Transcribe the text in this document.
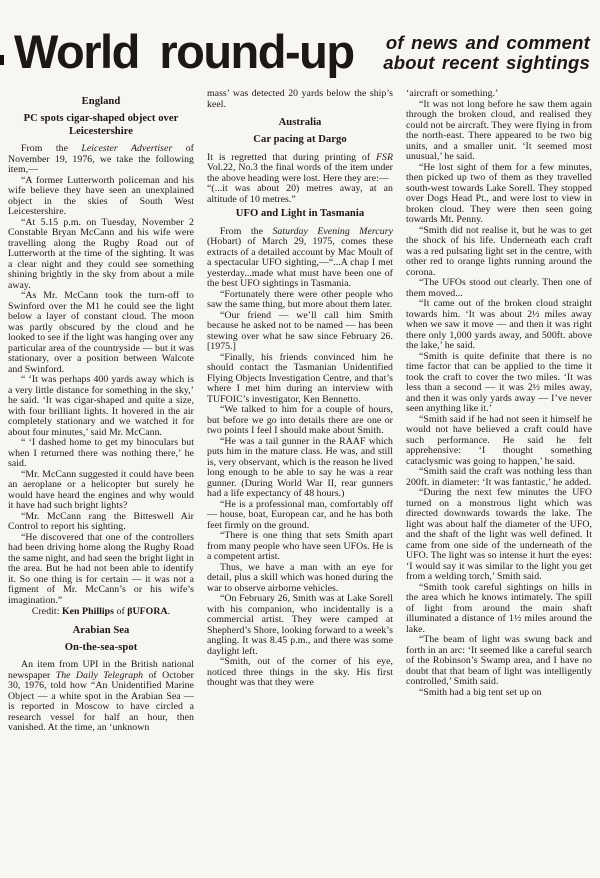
World round-up of news and comment
about recent sightings
England
PC spots cigar-shaped object over Leicestershire

From the Leicester Advertiser of November 19, 1976, we take the following item,—

“A former Lutterworth policeman and his wife believe they have seen an unexplained object in the skies of South West Leicestershire.

“At 5.15 p.m. on Tuesday, November 2 Constable Bryan McCann and his wife were travelling along the Rugby Road out of Lutterworth at the time of the sighting. It was a clear night and they could see something shining brightly in the sky from about a mile away.

“As Mr. McCann took the turn-off to Swinford over the M1 he could see the light below a layer of constant cloud. The moon was partly obscured by the cloud and he looked to see if the light was hanging over any particular area of the countryside — but it was stationary, over a position between Walcote and Swinford.

“ ‘It was perhaps 400 yards away which is a very little distance for something in the sky,’ he said. ‘It was cigar-shaped and quite a size, with four brilliant lights. It hovered in the air completely stationary and we watched it for about four minutes,’ said Mr. McCann.

“ ‘I dashed home to get my binoculars but when I returned there was nothing there,’ he said.

“Mr. McCann suggested it could have been an aeroplane or a helicopter but surely he would have heard the engines and why would it have had such bright lights?

“Mr. McCann rang the Bitteswell Air Control to report his sighting.

“He discovered that one of the controllers had been driving home along the Rugby Road the same night, and had seen the bright light in the area. But he had not been able to identify it. So one thing is for certain — it was not a figment of Mr. McCann’s or his wife’s imagination.”

Credit: Ken Phillips of βUFORA.

Arabian Sea
On-the-sea-spot

An item from UPI in the British national newspaper The Daily Telegraph of October 30, 1976, told how “An Unidentified Marine Object — a white spot in the Arabian Sea — is reported in Moscow to have circled a research vessel for half an hour, then vanished. At the time, an ‘unknown

mass’ was detected 20 yards below the ship’s keel.

Australia
Car pacing at Dargo

It is regretted that during printing of FSR Vol.22, No.3 the final words of the item under the above heading were lost. Here they are:—

“(...it was about 20) metres away, at an altitude of 10 metres.”

UFO and Light in Tasmania

From the Saturday Evening Mercury (Hobart) of March 29, 1975, comes these extracts of a detailed account by Mac Moult of a spectacular UFO sighting,—“...A chap I met yesterday...made what must have been one of the best UFO sightings in Tasmania.

“Fortunately there were other people who saw the same thing, but more about them later.

“Our friend — we’ll call him Smith because he asked not to be named — has been stewing over what he saw since February 26. [1975.]

“Finally, his friends convinced him he should contact the Tasmanian Unidentified Flying Objects Investigation Centre, and that’s where I met him during an interview with TUFOIC’s investigator, Ken Bennetto.

“We talked to him for a couple of hours, but before we go into details there are one or two points I feel I should make about Smith.

“He was a tail gunner in the RAAF which puts him in the mature class. He was, and still is, very observant, which is the reason he lived long enough to be able to say he was a rear gunner. (During World War II, rear gunners had a life expectancy of 48 hours.)

“He is a professional man, comfortably off — house, boat, European car, and he has both feet firmly on the ground.

“There is one thing that sets Smith apart from many people who have seen UFOs. He is a competent artist.

Thus, we have a man with an eye for detail, plus a skill which was honed during the war to observe airborne vehicles.

“On February 26, Smith was at Lake Sorell with his companion, who incidentally is a commercial artist. They were camped at Shepherd’s Shore, looking forward to a week’s angling. It was 8.45 p.m., and there was some daylight left.

“Smith, out of the corner of his eye, noticed three things in the sky. His first thought was that they were

‘aircraft or something.’

“It was not long before he saw them again through the broken cloud, and realised they could not be aircraft. They were flying in from the north-east. There appeared to be two big units, and a smaller unit. ‘It seemed most unusual,’ he said.

“He lost sight of them for a few minutes, then picked up two of them as they travelled south-west towards Lake Sorell. They stopped over Dogs Head Pt., and were lost to view in broken cloud. They were then seen going towards Mt. Penny.

“Smith did not realise it, but he was to get the shock of his life. Underneath each craft was a red pulsating light set in the centre, with other red to orange lights running around the corona.

“The UFOs stood out clearly. Then one of them moved...

“It came out of the broken cloud straight towards him. ‘It was about 2½ miles away when we saw it move — and then it was right there only 1,000 yards away, and 500ft. above the lake,’ he said.

“Smith is quite definite that there is no time factor that can be applied to the time it took the craft to cover the two miles. ‘It was less than a second — it was 2½ miles away, and then it was only yards away — I’ve never seen anything like it.’

“Smith said if he had not seen it himself he would not have believed a craft could have such performance. He said he felt apprehensive: ‘I thought something cataclysmic was going to happen,’ he said.

“Smith said the craft was nothing less than 200ft. in diameter: ‘It was fantastic,’ he added.

“During the next few minutes the UFO turned on a monstrous light which was directed downwards towards the lake. The light was about half the diameter of the UFO, and the shaft of the light was well defined. It came from one side of the underneath of the UFO. The light was so intense it hurt the eyes: ‘I would say it was similar to the light you get from a welding torch,’ Smith said.

“Smith took careful sightings on hills in the area which he knows intimately. The spill of light from around the main shaft illuminated a distance of 1½ miles around the lake.

“The beam of light was swung back and forth in an arc: ‘It seemed like a careful search of the Robinson’s Swamp area, and I have no doubt that that beam of light was intelligently controlled,’ Smith said.

“Smith had a big tent set up on
